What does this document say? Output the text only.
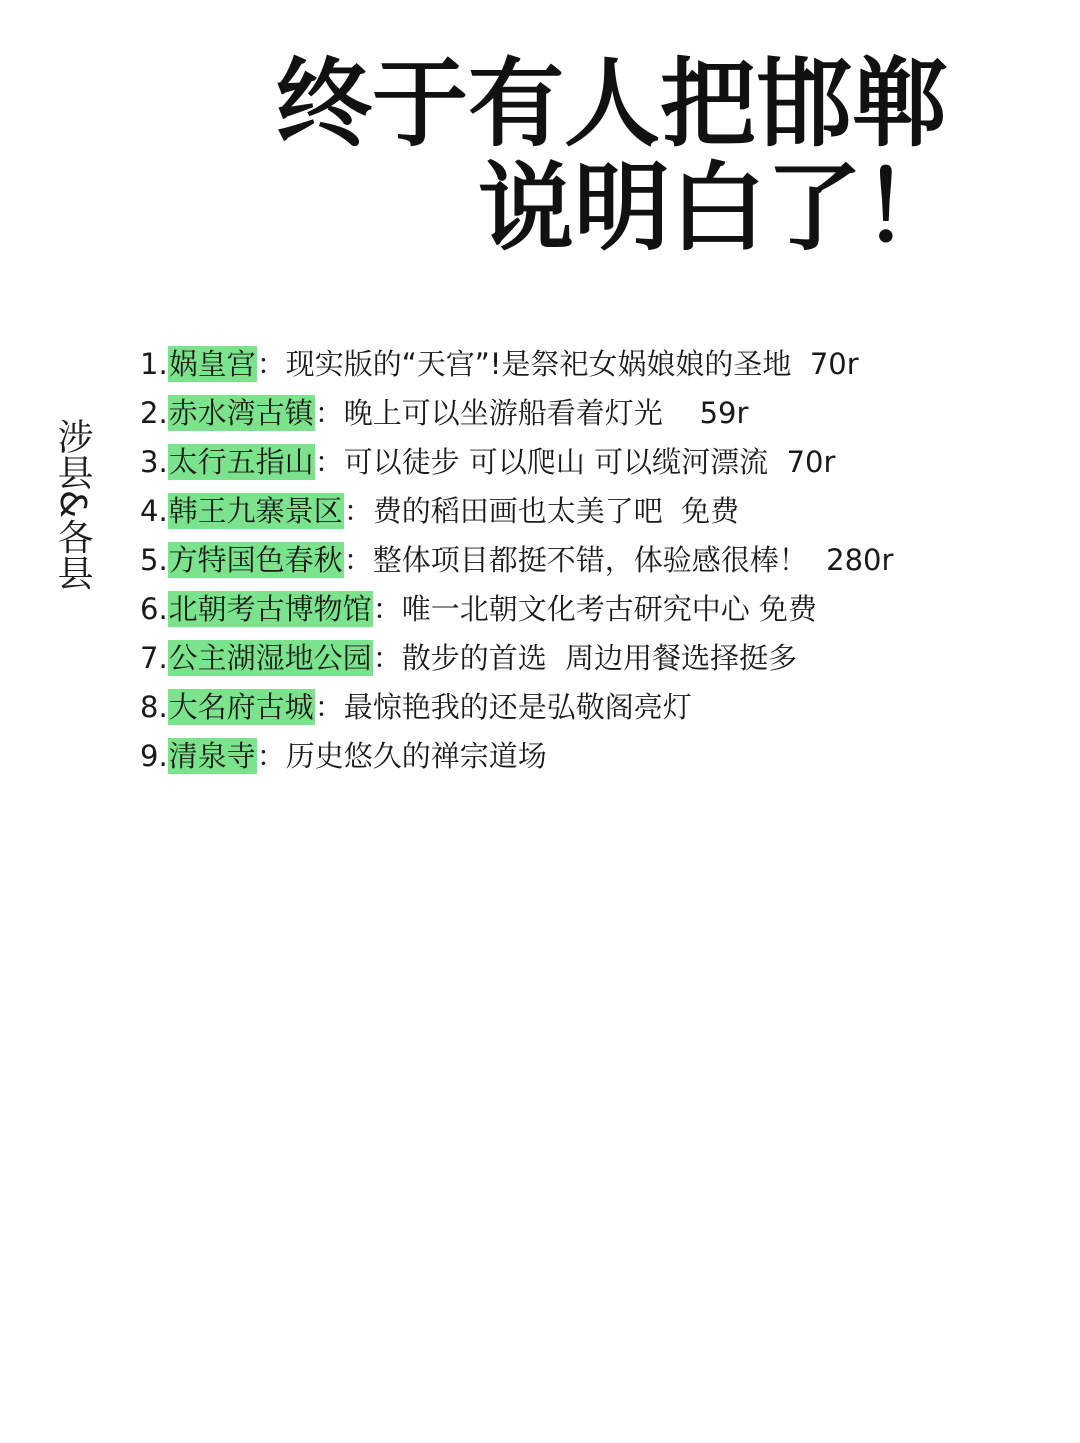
终于有人把邯郸
说明白了！
涉县&各县
1.娲皇宫：现实版的“天宫”!是祭祀女娲娘娘的圣地  70r
2.赤水湾古镇：晚上可以坐游船看着灯光    59r
3.太行五指山：可以徒步 可以爬山 可以缆河漂流  70r
4.韩王九寨景区：费的稻田画也太美了吧  免费
5.方特国色春秋：整体项目都挺不错，体验感很棒！  280r
6.北朝考古博物馆：唯一北朝文化考古研究中心 免费
7.公主湖湿地公园：散步的首选  周边用餐选择挺多
8.大名府古城：最惊艳我的还是弘敬阁亮灯
9.清泉寺：历史悠久的禅宗道场
